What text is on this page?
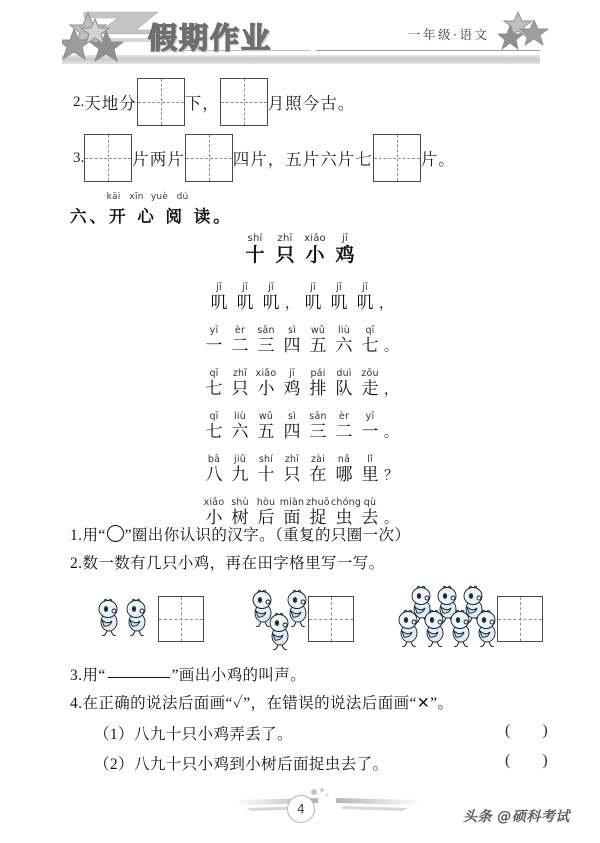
假期作业	一年级·语文
2. 天地分	下，	月照今古。
3.	片两片	四片，五片六片七	片。
kāi xīn yuè dú
六、开 心 阅 读。
shí zhī xiǎo jī
十 只 小 鸡
jī jī jī	jī jī jī
叽 叽 叽 ， 叽 叽 叽 ，
yī èr sān sì wǔ liù qī
一 二 三 四 五 六 七 。
qī zhī xiǎo jī pái duì zǒu
七 只 小 鸡 排 队 走 ，
qī liù wǔ sì sān èr yī
七 六 五 四 三 二 一 。
bā jiǔ shí zhī zài nǎ lǐ
八 九 十 只 在 哪 里 ？
xiǎo shù hòu miàn zhuōchóng qù
小 树 后 面 捉 虫 去 。
1.用“ ”圈出你认识的汉字。（重复的只圈一次）
2.数一数有几只小鸡，再在田字格里写一写。
3.用“	”画出小鸡的叫声。
4.在正确的说法后面画“✓”，在错误的说法后面画“✕”。
（1）八九十只小鸡弄丢了。	( )
（2）八九十只小鸡到小树后面捉虫去了。	( )
4	头条 @硕科考试
